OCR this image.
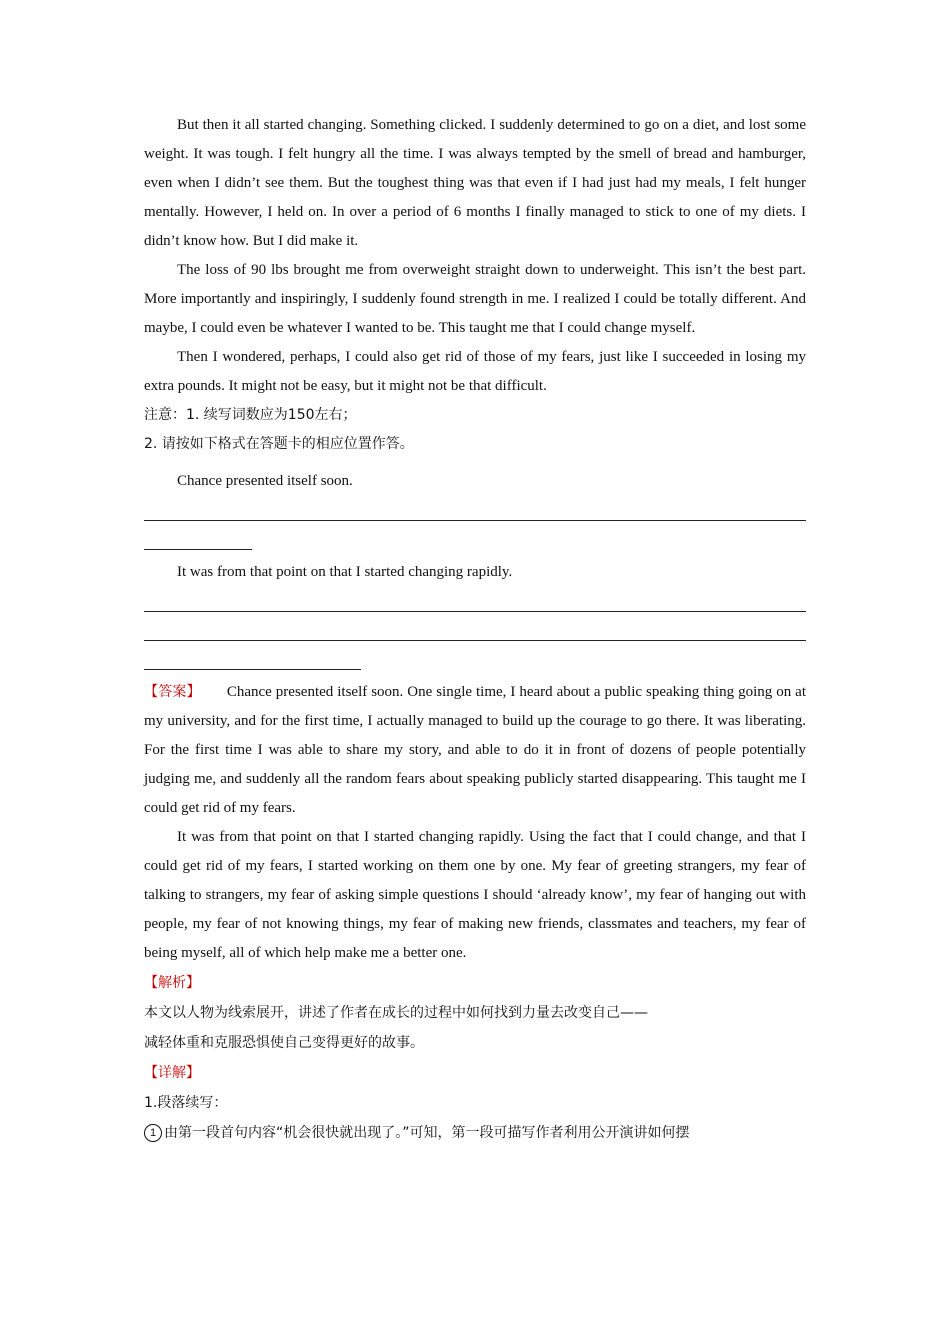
But then it all started changing. Something clicked. I suddenly determined to go on a diet, and lost some weight. It was tough. I felt hungry all the time. I was always tempted by the smell of bread and hamburger, even when I didn’t see them. But the toughest thing was that even if I had just had my meals, I felt hunger mentally. However, I held on. In over a period of 6 months I finally managed to stick to one of my diets. I didn’t know how. But I did make it.

The loss of 90 lbs brought me from overweight straight down to underweight. This isn’t the best part. More importantly and inspiringly, I suddenly found strength in me. I realized I could be totally different. And maybe, I could even be whatever I wanted to be. This taught me that I could change myself.

Then I wondered, perhaps, I could also get rid of those of my fears, just like I succeeded in losing my extra pounds. It might not be easy, but it might not be that difficult.

注意：1. 续写词数应为150左右；

2. 请按如下格式在答题卡的相应位置作答。

Chance presented itself soon.

It was from that point on that I started changing rapidly.

【答案】 Chance presented itself soon. One single time, I heard about a public speaking thing going on at my university, and for the first time, I actually managed to build up the courage to go there. It was liberating. For the first time I was able to share my story, and able to do it in front of dozens of people potentially judging me, and suddenly all the random fears about speaking publicly started disappearing. This taught me I could get rid of my fears.

It was from that point on that I started changing rapidly. Using the fact that I could change, and that I could get rid of my fears, I started working on them one by one. My fear of greeting strangers, my fear of talking to strangers, my fear of asking simple questions I should ‘already know’, my fear of hanging out with people, my fear of not knowing things, my fear of making new friends, classmates and teachers, my fear of being myself, all of which help make me a better one.

【解析】

本文以人物为线索展开，讲述了作者在成长的过程中如何找到力量去改变自己——

减轻体重和克服恐惧使自己变得更好的故事。

【详解】

1.段落续写：

1 由第一段首句内容“机会很快就出现了。”可知，第一段可描写作者利用公开演讲如何摆
